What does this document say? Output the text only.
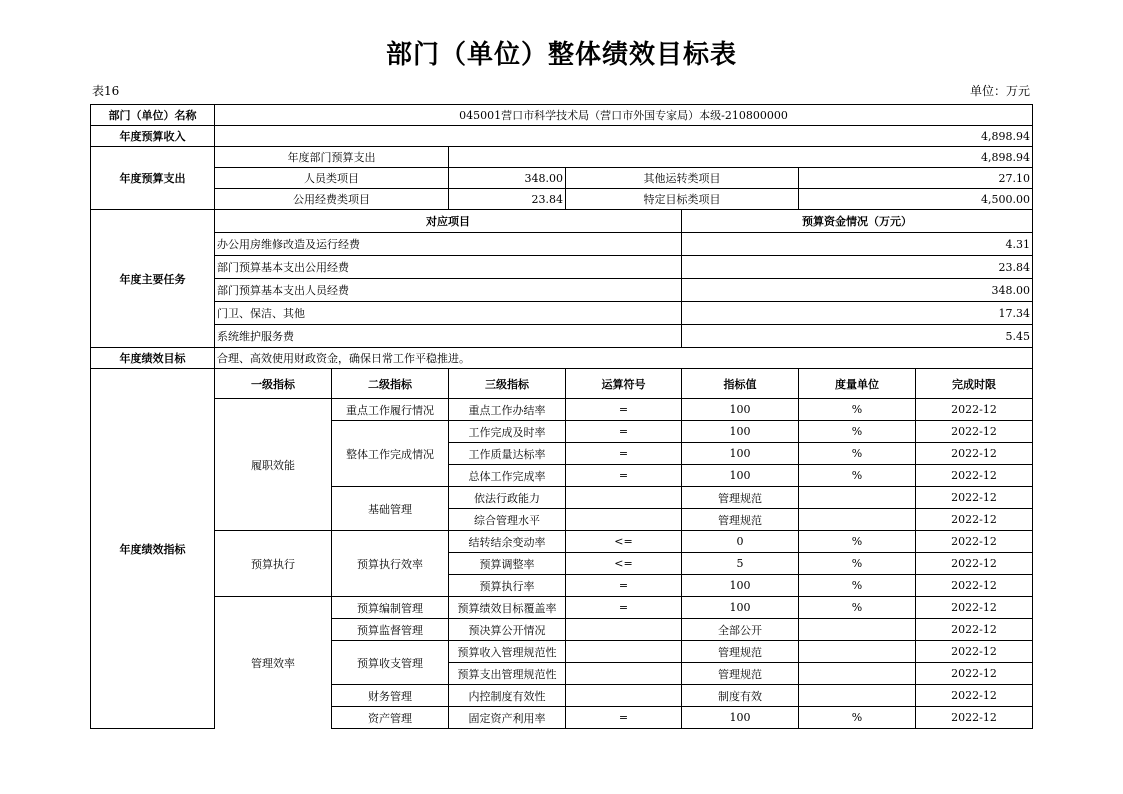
部门（单位）整体绩效目标表
表16	单位：万元
部门（单位）名称	045001营口市科学技术局（营口市外国专家局）本级-210800000						
年度预算收入	4,898.94						
年度预算支出	年度部门预算支出		4,898.94				
	人员类项目		348.00	其他运转类项目		27.10	
	公用经费类项目		23.84	特定目标类项目		4,500.00	
年度主要任务	对应项目				预算资金情况（万元）		
	办公用房维修改造及运行经费				4.31		
	部门预算基本支出公用经费				23.84		
	部门预算基本支出人员经费				348.00		
	门卫、保洁、其他				17.34		
	系统维护服务费				5.45		
年度绩效目标	合理、高效使用财政资金，确保日常工作平稳推进。						
年度绩效指标	一级指标	二级指标	三级指标	运算符号	指标值	度量单位	完成时限
	履职效能	重点工作履行情况	重点工作办结率	=	100	%	2022-12
		整体工作完成情况	工作完成及时率	=	100	%	2022-12
			工作质量达标率	=	100	%	2022-12
			总体工作完成率	=	100	%	2022-12
		基础管理	依法行政能力		管理规范		2022-12
			综合管理水平		管理规范		2022-12
	预算执行	预算执行效率	结转结余变动率	<=	0	%	2022-12
			预算调整率	<=	5	%	2022-12
			预算执行率	=	100	%	2022-12
	管理效率	预算编制管理	预算绩效目标覆盖率	=	100	%	2022-12
		预算监督管理	预决算公开情况		全部公开		2022-12
		预算收支管理	预算收入管理规范性		管理规范		2022-12
			预算支出管理规范性		管理规范		2022-12
		财务管理	内控制度有效性		制度有效		2022-12
		资产管理	固定资产利用率	=	100	%	2022-12
